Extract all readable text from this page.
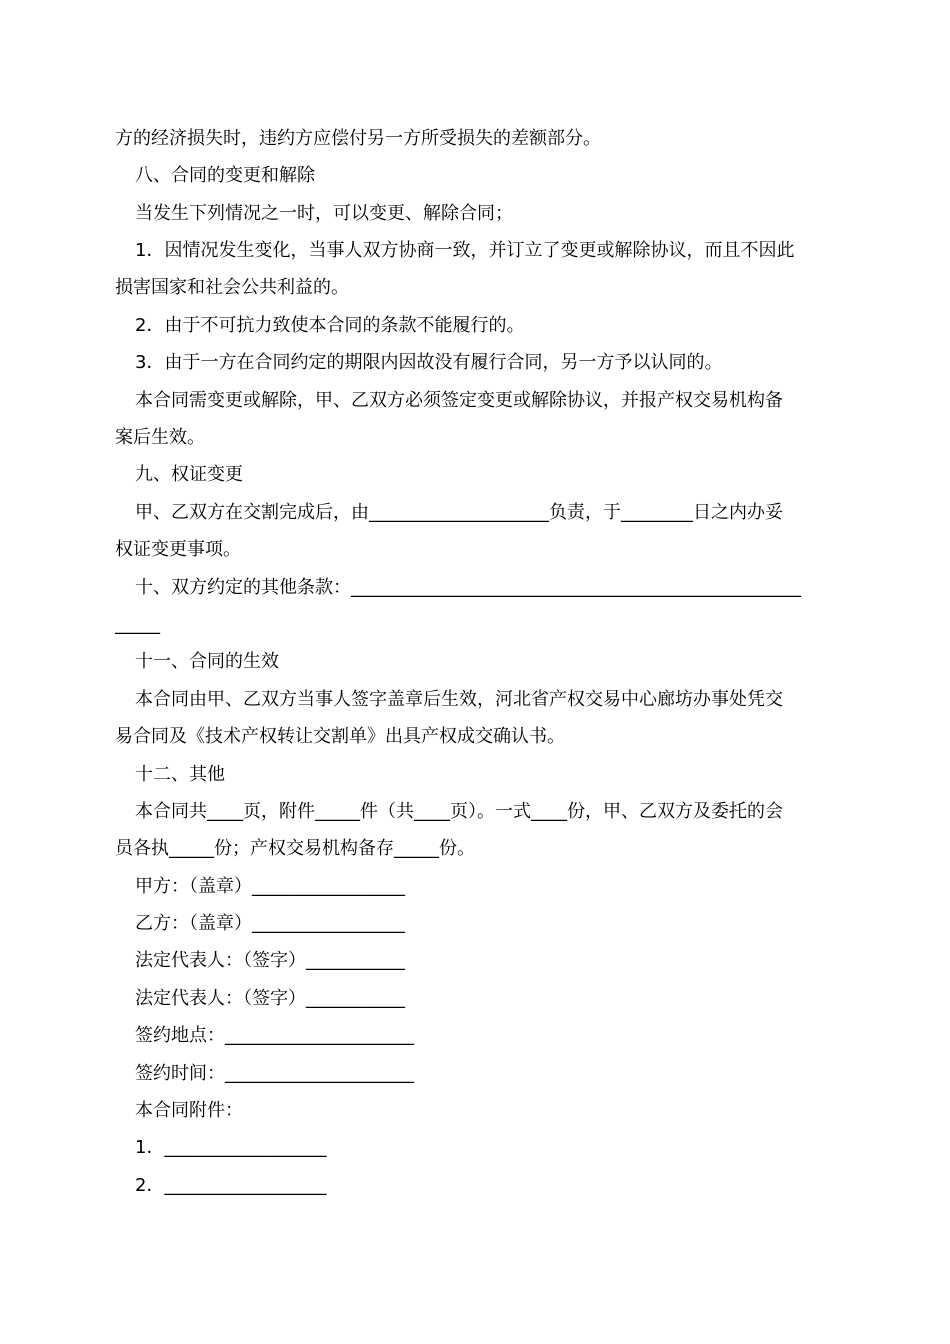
方的经济损失时，违约方应偿付另一方所受损失的差额部分。
八、合同的变更和解除
当发生下列情况之一时，可以变更、解除合同；
1．因情况发生变化，当事人双方协商一致，并订立了变更或解除协议，而且不因此
损害国家和社会公共利益的。
2．由于不可抗力致使本合同的条款不能履行的。
3．由于一方在合同约定的期限内因故没有履行合同，另一方予以认同的。
本合同需变更或解除，甲、乙双方必须签定变更或解除协议，并报产权交易机构备
案后生效。
九、权证变更
甲、乙双方在交割完成后，由____________________负责，于________日之内办妥
权证变更事项。
十、双方约定的其他条款：__________________________________________________
_____
十一、合同的生效
本合同由甲、乙双方当事人签字盖章后生效，河北省产权交易中心廊坊办事处凭交
易合同及《技术产权转让交割单》出具产权成交确认书。
十二、其他
本合同共____页，附件_____件（共____页）。一式____份，甲、乙双方及委托的会
员各执_____份；产权交易机构备存_____份。
甲方：（盖章）_________________
乙方：（盖章）_________________
法定代表人：（签字）___________
法定代表人：（签字）___________
签约地点：_____________________
签约时间：_____________________
本合同附件：
1．__________________
2．__________________
